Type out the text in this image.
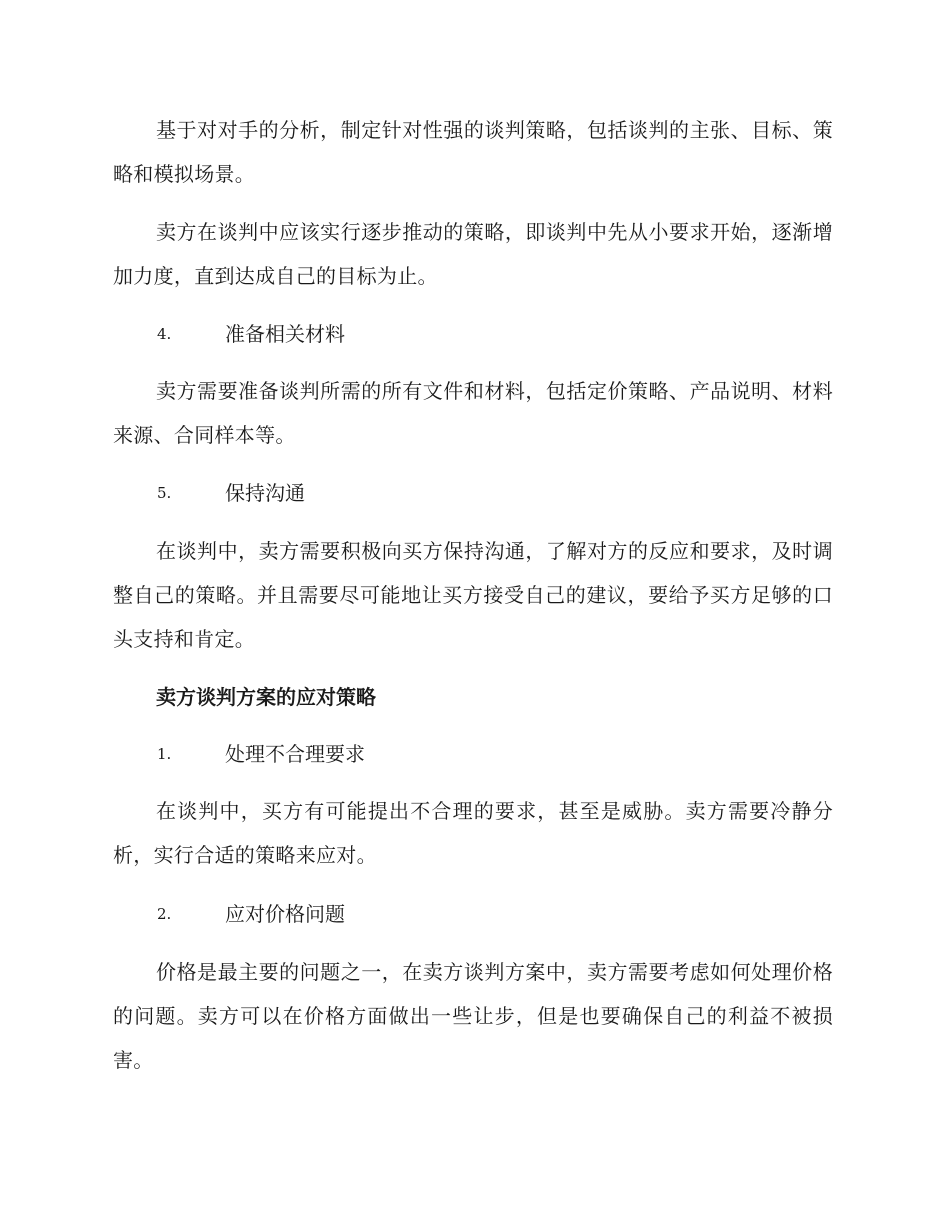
基于对对手的分析，制定针对性强的谈判策略，包括谈判的主张、目标、策略和模拟场景。

卖方在谈判中应该实行逐步推动的策略，即谈判中先从小要求开始，逐渐增加力度，直到达成自己的目标为止。

4.	准备相关材料

卖方需要准备谈判所需的所有文件和材料，包括定价策略、产品说明、材料来源、合同样本等。

5.	保持沟通

在谈判中，卖方需要积极向买方保持沟通，了解对方的反应和要求，及时调整自己的策略。并且需要尽可能地让买方接受自己的建议，要给予买方足够的口头支持和肯定。

卖方谈判方案的应对策略
1.	处理不合理要求

在谈判中，买方有可能提出不合理的要求，甚至是威胁。卖方需要冷静分析，实行合适的策略来应对。

2.	应对价格问题

价格是最主要的问题之一，在卖方谈判方案中，卖方需要考虑如何处理价格的问题。卖方可以在价格方面做出一些让步，但是也要确保自己的利益不被损害。
